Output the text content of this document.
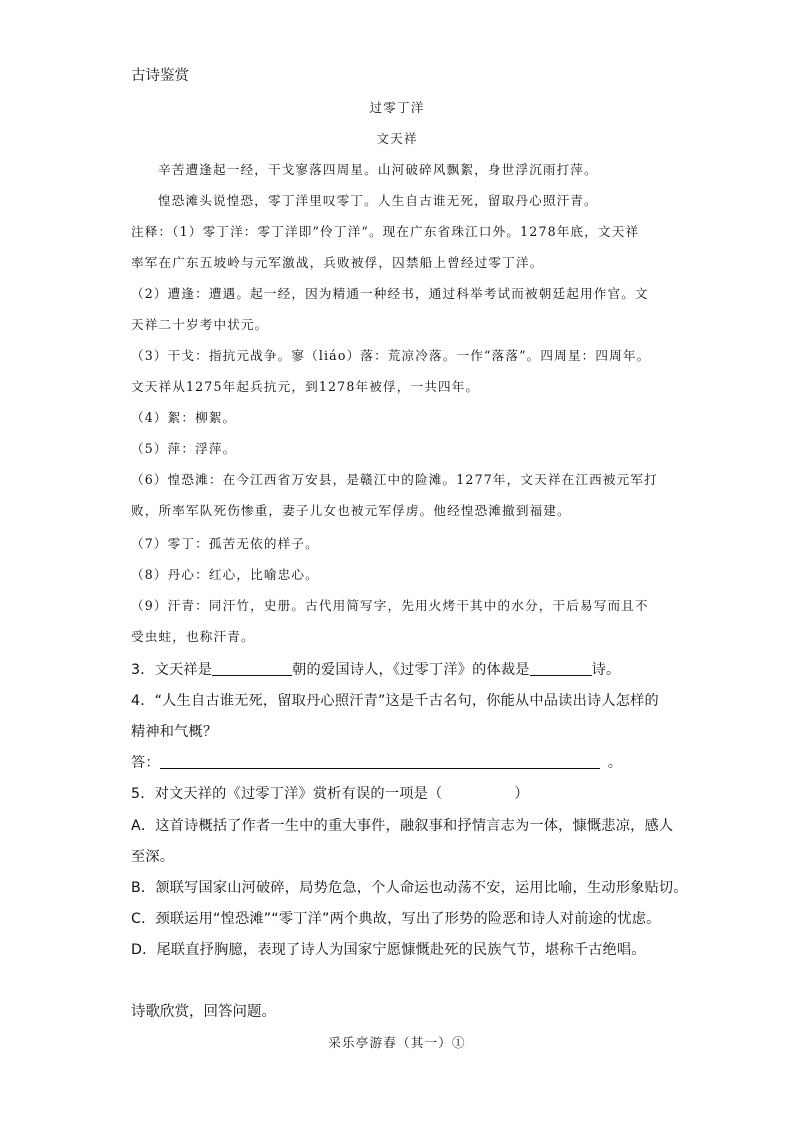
古诗鉴赏
过零丁洋
文天祥
辛苦遭逢起一经，干戈寥落四周星。山河破碎风飘絮，身世浮沉雨打萍。
惶恐滩头说惶恐，零丁洋里叹零丁。人生自古谁无死，留取丹心照汗青。
注释：（1）零丁洋：零丁洋即”伶丁洋“。现在广东省珠江口外。1278年底，文天祥
率军在广东五坡岭与元军激战，兵败被俘，囚禁船上曾经过零丁洋。
（2）遭逢：遭遇。起一经，因为精通一种经书，通过科举考试而被朝廷起用作官。文
天祥二十岁考中状元。
（3）干戈：指抗元战争。寥（liáo）落：荒凉冷落。一作“落落”。四周星：四周年。
文天祥从1275年起兵抗元，到1278年被俘，一共四年。
（4）絮：柳絮。
（5）萍：浮萍。
（6）惶恐滩：在今江西省万安县，是赣江中的险滩。1277年，文天祥在江西被元军打
败，所率军队死伤惨重，妻子儿女也被元军俘虏。他经惶恐滩撤到福建。
（7）零丁：孤苦无依的样子。
（8）丹心：红心，比喻忠心。
（9）汗青：同汗竹，史册。古代用简写字，先用火烤干其中的水分，干后易写而且不
受虫蛀，也称汗青。
3．文天祥是	朝的爱国诗人，《过零丁洋》的体裁是	诗。
4．“人生自古谁无死，留取丹心照汗青”这是千古名句，你能从中品读出诗人怎样的
精神和气概？
答：	。
5．对文天祥的《过零丁洋》赏析有误的一项是（	）
A．这首诗概括了作者一生中的重大事件，融叙事和抒情言志为一体，慷慨悲凉，感人
至深。
B．颔联写国家山河破碎，局势危急，个人命运也动荡不安，运用比喻，生动形象贴切。
C．颈联运用“惶恐滩”“零丁洋”两个典故，写出了形势的险恶和诗人对前途的忧虑。
D．尾联直抒胸臆，表现了诗人为国家宁愿慷慨赴死的民族气节，堪称千古绝唱。
诗歌欣赏，回答问题。
采乐亭游春（其一）①
